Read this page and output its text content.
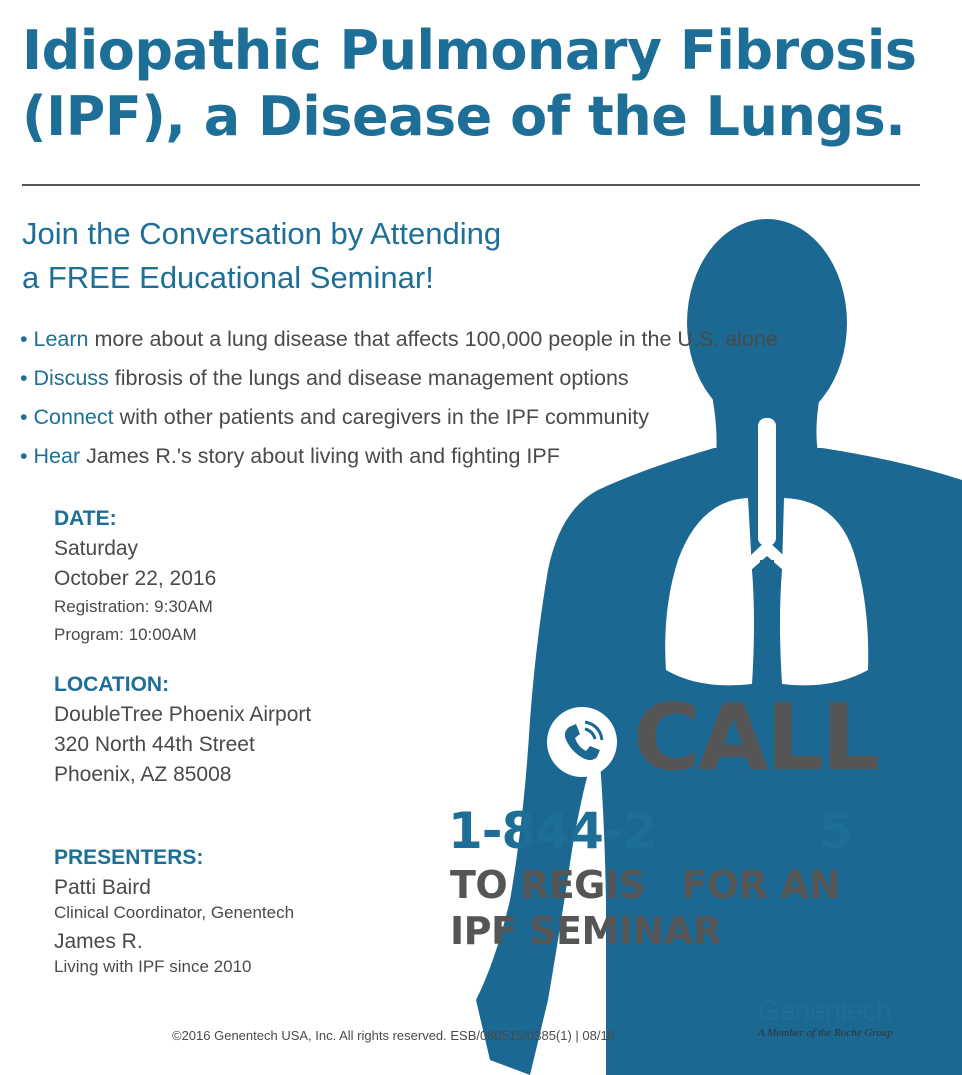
Idiopathic Pulmonary Fibrosis
(IPF), a Disease of the Lungs.
Join the Conversation by Attending
a FREE Educational Seminar!
• Learn more about a lung disease that affects 100,000 people in the U.S. alone
• Discuss fibrosis of the lungs and disease management options
• Connect with other patients and caregivers in the IPF community
• Hear James R.'s story about living with and fighting IPF
DATE:
Saturday
October 22, 2016
Registration: 9:30AM
Program: 10:00AM
LOCATION:
DoubleTree Phoenix Airport
320 North 44th Street
Phoenix, AZ 85008
PRESENTERS:
Patti Baird
Clinical Coordinator, Genentech
James R.
Living with IPF since 2010
CALL
1-844-2	5
TO REGIS FOR AN
IPF SEMINAR
©2016 Genentech USA, Inc. All rights reserved. ESB/080515/0385(1) | 08/16
Genentech
A Member of the Roche Group
